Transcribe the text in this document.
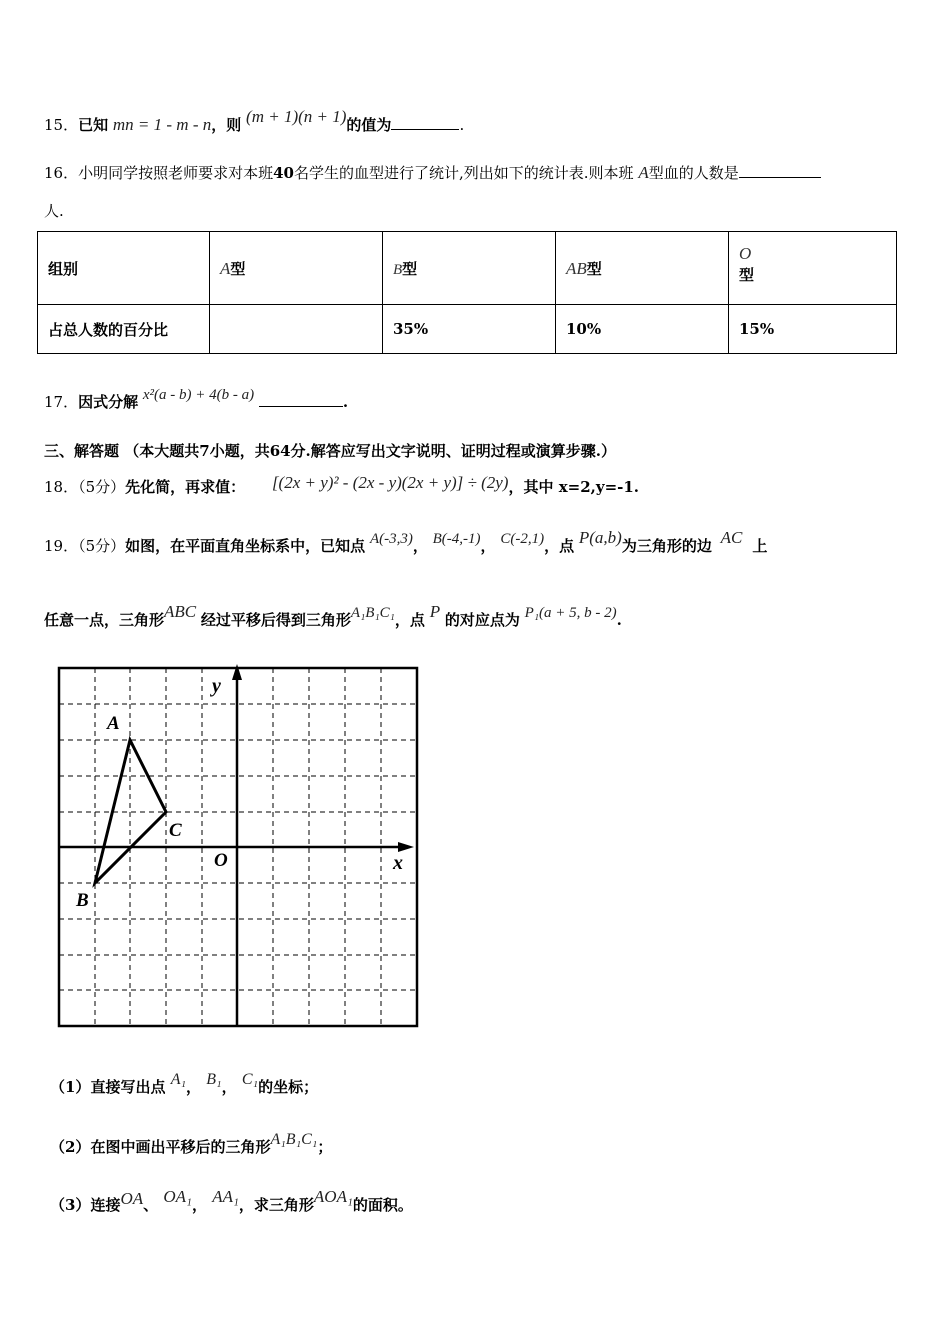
15．已知 mn = 1 - m - n，则 (m + 1)(n + 1)的值为	.
16．小明同学按照老师要求对本班40名学生的血型进行了统计,列出如下的统计表.则本班 A型血的人数是
人.
组别	A型	B型	AB型	O
型

占总人数的百分比		35%	10%	15%
17．因式分解 x²(a - b) + 4(b - a)	.
三、解答题 （本大题共7小题，共64分.解答应写出文字说明、证明过程或演算步骤.）
18．（5分）先化简，再求值： [(2x + y)² - (2x - y)(2x + y)] ÷ (2y)，其中 x=2,y=-1.
19．（5分）如图，在平面直角坐标系中，已知点 A(-3,3)， B(-4,-1)， C(-2,1)，点 P(a,b)为三角形的边 AC 上
任意一点，三角形ABC 经过平移后得到三角形A₁B₁C₁，点 P 的对应点为 P₁(a + 5, b - 2).
y
x
A
B
C
O
（1）直接写出点 A₁， B₁， C₁的坐标；
（2）在图中画出平移后的三角形A₁B₁C₁；
（3）连接OA、 OA₁， AA₁，求三角形AOA₁的面积。
